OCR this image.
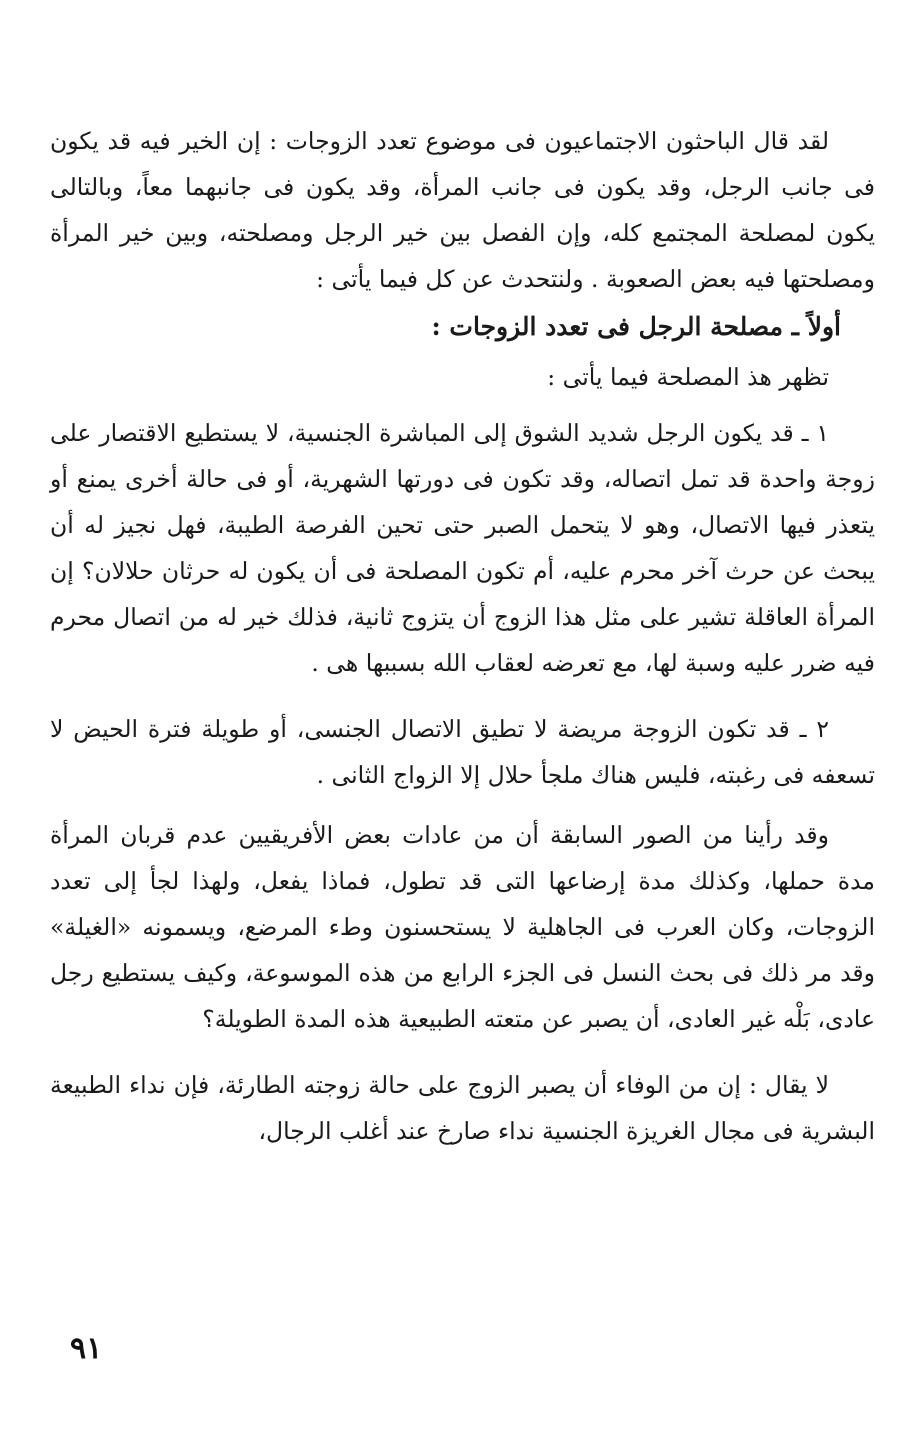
لقد قال الباحثون الاجتماعيون فى موضوع تعدد الزوجات : إن الخير فيه قد يكون فى جانب الرجل، وقد يكون فى جانب المرأة، وقد يكون فى جانبهما معاً، وبالتالى يكون لمصلحة المجتمع كله، وإن الفصل بين خير الرجل ومصلحته، وبين خير المرأة ومصلحتها فيه بعض الصعوبة . ولنتحدث عن كل فيما يأتى :

أولاً ـ مصلحة الرجل فى تعدد الزوجات :

تظهر هذ المصلحة فيما يأتى :

١ ـ قد يكون الرجل شديد الشوق إلى المباشرة الجنسية، لا يستطيع الاقتصار على زوجة واحدة قد تمل اتصاله، وقد تكون فى دورتها الشهرية، أو فى حالة أخرى يمنع أو يتعذر فيها الاتصال، وهو لا يتحمل الصبر حتى تحين الفرصة الطيبة، فهل نجيز له أن يبحث عن حرث آخر محرم عليه، أم تكون المصلحة فى أن يكون له حرثان حلالان؟ إن المرأة العاقلة تشير على مثل هذا الزوج أن يتزوج ثانية، فذلك خير له من اتصال محرم فيه ضرر عليه وسبة لها، مع تعرضه لعقاب الله بسببها هى .

٢ ـ قد تكون الزوجة مريضة لا تطيق الاتصال الجنسى، أو طويلة فترة الحيض لا تسعفه فى رغبته، فليس هناك ملجأ حلال إلا الزواج الثانى .

وقد رأينا من الصور السابقة أن من عادات بعض الأفريقيين عدم قربان المرأة مدة حملها، وكذلك مدة إرضاعها التى قد تطول، فماذا يفعل، ولهذا لجأ إلى تعدد الزوجات، وكان العرب فى الجاهلية لا يستحسنون وطء المرضع، ويسمونه «الغيلة» وقد مر ذلك فى بحث النسل فى الجزء الرابع من هذه الموسوعة، وكيف يستطيع رجل عادى، بَلْه غير العادى، أن يصبر عن متعته الطبيعية هذه المدة الطويلة؟

لا يقال : إن من الوفاء أن يصبر الزوج على حالة زوجته الطارئة، فإن نداء الطبيعة البشرية فى مجال الغريزة الجنسية نداء صارخ عند أغلب الرجال،

٩١
